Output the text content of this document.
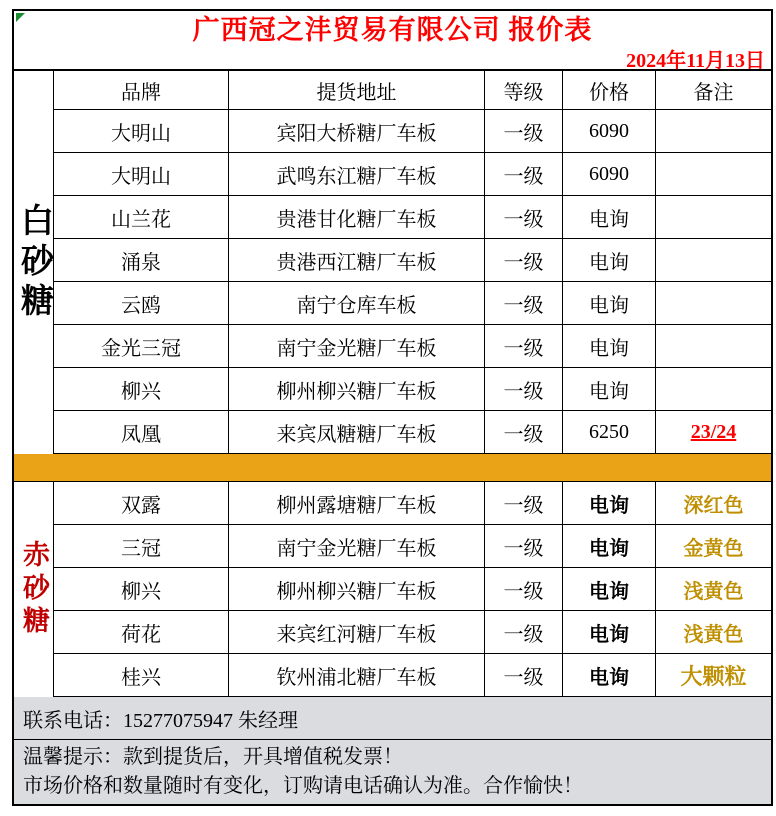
广西冠之沣贸易有限公司 报价表
2024年11月13日
白砂糖
品牌	提货地址	等级	价格	备注
大明山	宾阳大桥糖厂车板	一级	6090
大明山	武鸣东江糖厂车板	一级	6090
山兰花	贵港甘化糖厂车板	一级	电询
涌泉	贵港西江糖厂车板	一级	电询
云鸥	南宁仓库车板	一级	电询
金光三冠	南宁金光糖厂车板	一级	电询
柳兴	柳州柳兴糖厂车板	一级	电询
凤凰	来宾凤糖糖厂车板	一级	6250	23/24
赤砂糖
双露	柳州露塘糖厂车板	一级	电询	深红色
三冠	南宁金光糖厂车板	一级	电询	金黄色
柳兴	柳州柳兴糖厂车板	一级	电询	浅黄色
荷花	来宾红河糖厂车板	一级	电询	浅黄色
桂兴	钦州浦北糖厂车板	一级	电询	大颗粒
联系电话：15277075947 朱经理
温馨提示：款到提货后，开具增值税发票！
市场价格和数量随时有变化，订购请电话确认为准。合作愉快！
